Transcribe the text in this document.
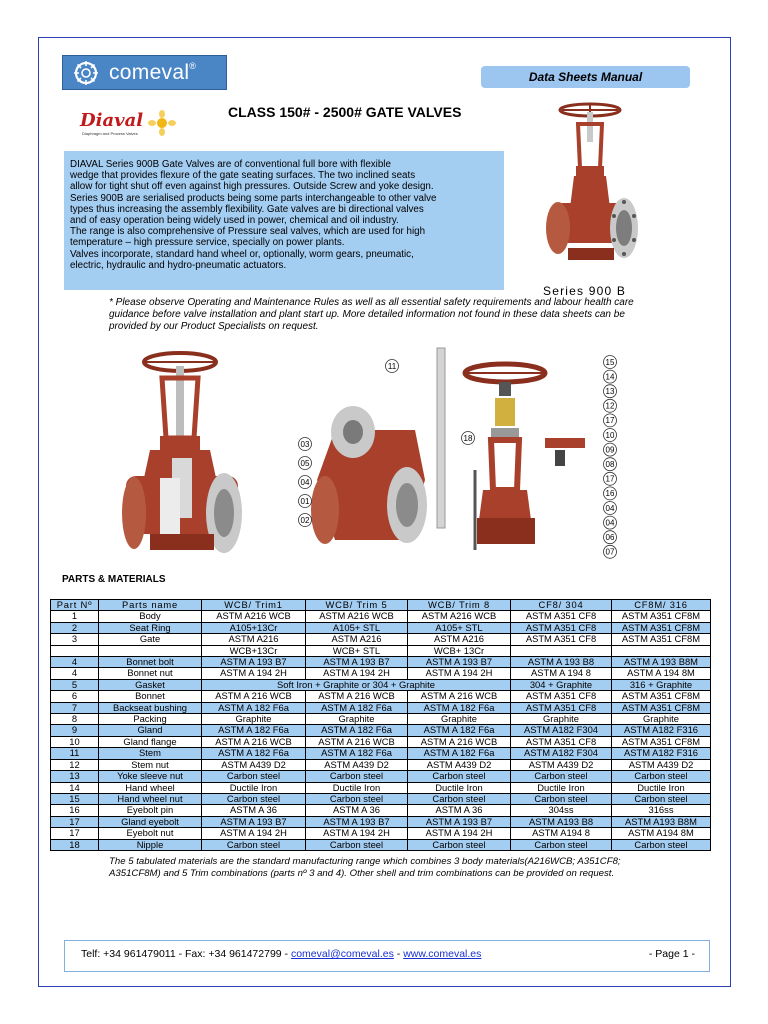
comeval®
Data Sheets Manual
Diaval
Diaphragm and Process Valves
CLASS 150# - 2500# GATE VALVES

DIAVAL Series 900B Gate Valves are of conventional full bore with flexible

wedge that provides flexure of the gate seating surfaces. The two inclined seats

allow for tight shut off even against high pressures. Outside Screw and yoke design.

Series 900B are serialised products being some parts interchangeable to other valve

types thus increasing the assembly flexibility. Gate valves are bi directional valves

and of easy operation being widely used in power, chemical and oil industry.

The range is also comprehensive of Pressure seal valves, which are used for high

temperature – high pressure service, specially on power plants.

Valves incorporate, standard hand wheel or, optionally, worm gears, pneumatic,

electric, hydraulic and hydro-pneumatic actuators.

Series 900 B
* Please observe Operating and Maintenance Rules as well as all essential safety requirements and labour health care guidance before valve installation and plant start up. More detailed information not found in these data sheets can be provided by our Product Specialists on request.
03
05
04
01
02
11
18
15
14
13
12
17
10
09
08
17
16
04
04
06
07
PARTS & MATERIALS
Part Nº	Parts name	WCB/ Trim1	WCB/ Trim 5	WCB/ Trim 8	CF8/ 304	CF8M/ 316
1	Body	ASTM A216 WCB	ASTM A216 WCB	ASTM A216 WCB	ASTM A351 CF8	ASTM A351 CF8M
2	Seat Ring	A105+13Cr	A105+ STL	A105+ STL	ASTM A351 CF8	ASTM A351 CF8M
3	Gate	ASTM A216	ASTM A216	ASTM A216	ASTM A351 CF8	ASTM A351 CF8M
		WCB+13Cr	WCB+ STL	WCB+ 13Cr		
4	Bonnet bolt	ASTM A 193 B7	ASTM A 193 B7	ASTM A 193 B7	ASTM A 193 B8	ASTM A 193 B8M
4	Bonnet nut	ASTM A 194 2H	ASTM A 194 2H	ASTM A 194 2H	ASTM A 194 8	ASTM A 194 8M
5	Gasket	Soft Iron + Graphite or 304 + Graphite			304 + Graphite	316 + Graphite
6	Bonnet	ASTM A 216 WCB	ASTM A 216 WCB	ASTM A 216 WCB	ASTM A351 CF8	ASTM A351 CF8M
7	Backseat bushing	ASTM A 182 F6a	ASTM A 182 F6a	ASTM A 182 F6a	ASTM A351 CF8	ASTM A351 CF8M
8	Packing	Graphite	Graphite	Graphite	Graphite	Graphite
9	Gland	ASTM A 182 F6a	ASTM A 182 F6a	ASTM A 182 F6a	ASTM A182 F304	ASTM A182 F316
10	Gland flange	ASTM A 216 WCB	ASTM A 216 WCB	ASTM A 216 WCB	ASTM A351 CF8	ASTM A351 CF8M
11	Stem	ASTM A 182 F6a	ASTM A 182 F6a	ASTM A 182 F6a	ASTM A182 F304	ASTM A182 F316
12	Stem nut	ASTM A439 D2	ASTM A439 D2	ASTM A439 D2	ASTM A439 D2	ASTM A439 D2
13	Yoke sleeve nut	Carbon steel	Carbon steel	Carbon steel	Carbon steel	Carbon steel
14	Hand wheel	Ductile Iron	Ductile Iron	Ductile Iron	Ductile Iron	Ductile Iron
15	Hand wheel nut	Carbon steel	Carbon steel	Carbon steel	Carbon steel	Carbon steel
16	Eyebolt pin	ASTM A 36	ASTM A 36	ASTM A 36	304ss	316ss
17	Gland eyebolt	ASTM A 193 B7	ASTM A 193 B7	ASTM A 193 B7	ASTM A193 B8	ASTM A193 B8M
17	Eyebolt nut	ASTM A 194 2H	ASTM A 194 2H	ASTM A 194 2H	ASTM A194 8	ASTM A194 8M
18	Nipple	Carbon steel	Carbon steel	Carbon steel	Carbon steel	Carbon steel
The 5 tabulated materials are the standard manufacturing range which combines 3 body materials(A216WCB; A351CF8; A351CF8M) and 5 Trim combinations (parts nº 3 and 4). Other shell and trim combinations can be provided on request.
Telf: +34 961479011 - Fax: +34 961472799 - comeval@comeval.es - www.comeval.es	- Page 1 -
